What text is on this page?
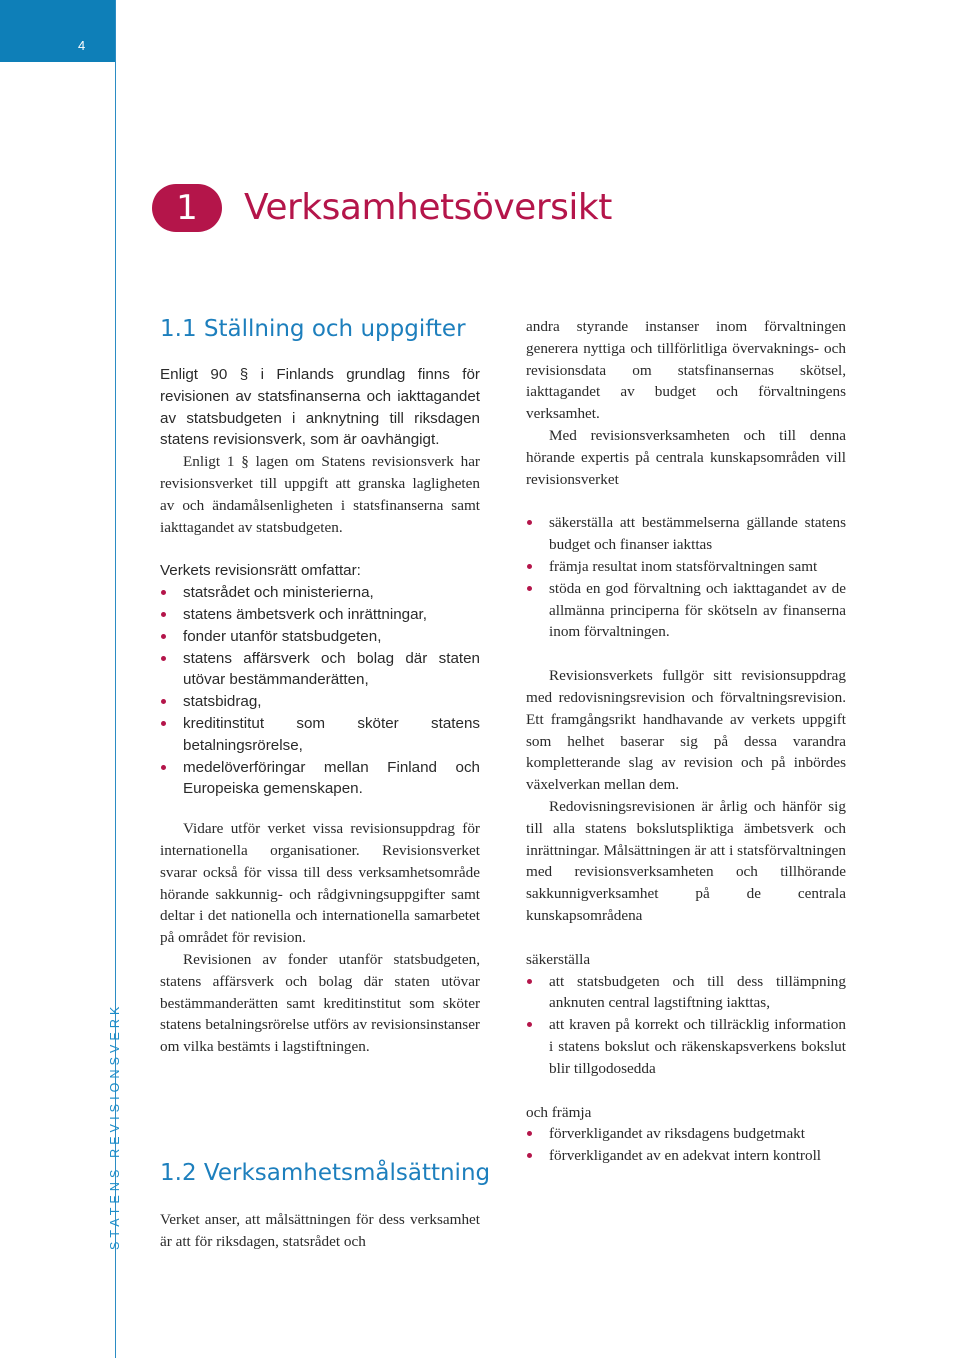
4
STATENS REVISIONSVERK
1	Verksamhetsöversikt
1.1 Ställning och uppgifter

Enligt 90 § i Finlands grundlag finns för revisionen av statsfinanserna och iakttagandet av statsbudgeten i anknytning till riksdagen statens revisionsverk, som är oavhängigt.

Enligt 1 § lagen om Statens revisionsverk har revisionsverket till uppgift att granska lagligheten av och ändamålsenligheten i statsfinanserna samt iakttagandet av statsbudgeten.

Verkets revisionsrätt omfattar:

statsrådet och ministerierna,
statens ämbetsverk och inrättningar,
fonder utanför statsbudgeten,
statens affärsverk och bolag där staten utövar bestämmanderätten,
statsbidrag,
kreditinstitut som sköter statens betalningsrörelse,
medelöverföringar mellan Finland och Europeiska gemenskapen.

Vidare utför verket vissa revisionsuppdrag för internationella organisationer. Revisionsverket svarar också för vissa till dess verksamhetsområde hörande sakkunnig- och rådgivningsuppgifter samt deltar i det nationella och internationella samarbetet på området för revision.

Revisionen av fonder utanför statsbudgeten, statens affärsverk och bolag där staten utövar bestämmanderätten samt kreditinstitut som sköter statens betalningsrörelse utförs av revisionsinstanser om vilka bestämts i lagstiftningen.

1.2 Verksamhetsmålsättning

Verket anser, att målsättningen för dess verksamhet är att för riksdagen, statsrådet och

andra styrande instanser inom förvaltningen generera nyttiga och tillförlitliga övervaknings- och revisionsdata om statsfinansernas skötsel, iakttagandet av budget och förvaltningens verksamhet.

Med revisionsverksamheten och till denna hörande expertis på centrala kunskapsområden vill revisionsverket

säkerställa att bestämmelserna gällande statens budget och finanser iakttas
främja resultat inom statsförvaltningen samt
stöda en god förvaltning och iakttagandet av de allmänna principerna för skötseln av finanserna inom förvaltningen.

Revisionsverkets fullgör sitt revisionsuppdrag med redovisningsrevision och förvaltningsrevision. Ett framgångsrikt handhavande av verkets uppgift som helhet baserar sig på dessa varandra kompletterande slag av revision och på inbördes växelverkan mellan dem.

Redovisningsrevisionen är årlig och hänför sig till alla statens bokslutspliktiga ämbetsverk och inrättningar. Målsättningen är att i statsförvaltningen med revisionsverksamheten och tillhörande sakkunnigverksamhet på de centrala kunskapsområdena

säkerställa

att statsbudgeten och till dess tillämpning anknuten central lagstiftning iakttas,
att kraven på korrekt och tillräcklig information i statens bokslut och räkenskapsverkens bokslut blir tillgodosedda

och främja

förverkligandet av riksdagens budgetmakt
förverkligandet av en adekvat intern kontroll
